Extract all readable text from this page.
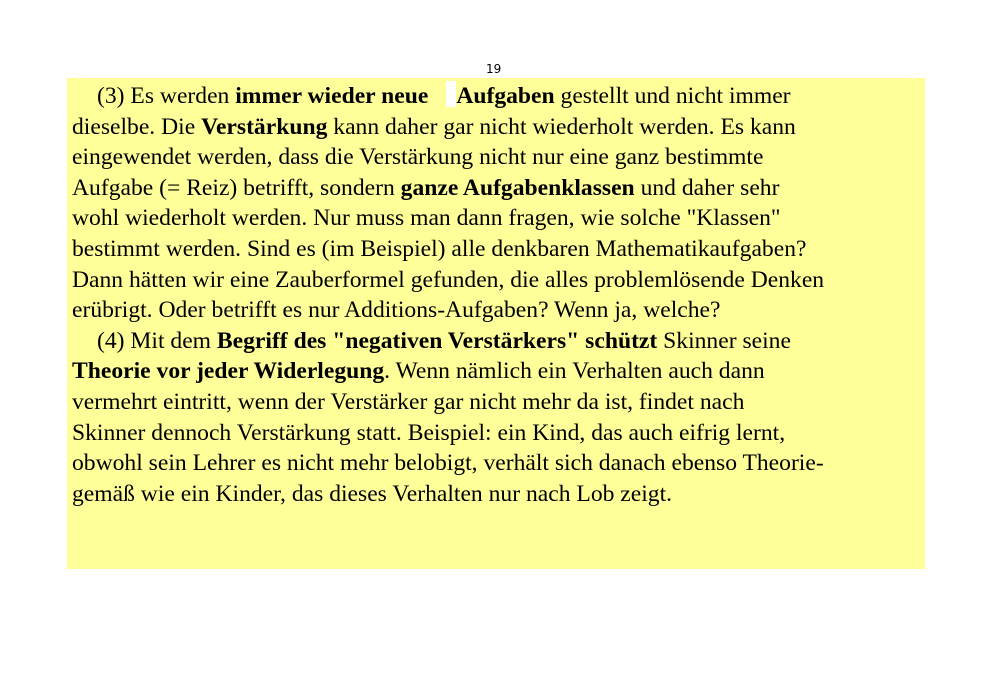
19
(3) Es werden immer wieder neue Aufgaben gestellt und nicht immer
dieselbe. Die Verstärkung kann daher gar nicht wiederholt werden. Es kann
eingewendet werden, dass die Verstärkung nicht nur eine ganz bestimmte
Aufgabe (= Reiz) betrifft, sondern ganze Aufgabenklassen und daher sehr
wohl wiederholt werden. Nur muss man dann fragen, wie solche "Klassen"
bestimmt werden. Sind es (im Beispiel) alle denkbaren Mathematikaufgaben?
Dann hätten wir eine Zauberformel gefunden, die alles problemlösende Denken
erübrigt. Oder betrifft es nur Additions-Aufgaben? Wenn ja, welche?
(4) Mit dem Begriff des "negativen Verstärkers" schützt Skinner seine
Theorie vor jeder Widerlegung. Wenn nämlich ein Verhalten auch dann
vermehrt eintritt, wenn der Verstärker gar nicht mehr da ist, findet nach
Skinner dennoch Verstärkung statt. Beispiel: ein Kind, das auch eifrig lernt,
obwohl sein Lehrer es nicht mehr belobigt, verhält sich danach ebenso Theorie-
gemäß wie ein Kinder, das dieses Verhalten nur nach Lob zeigt.
